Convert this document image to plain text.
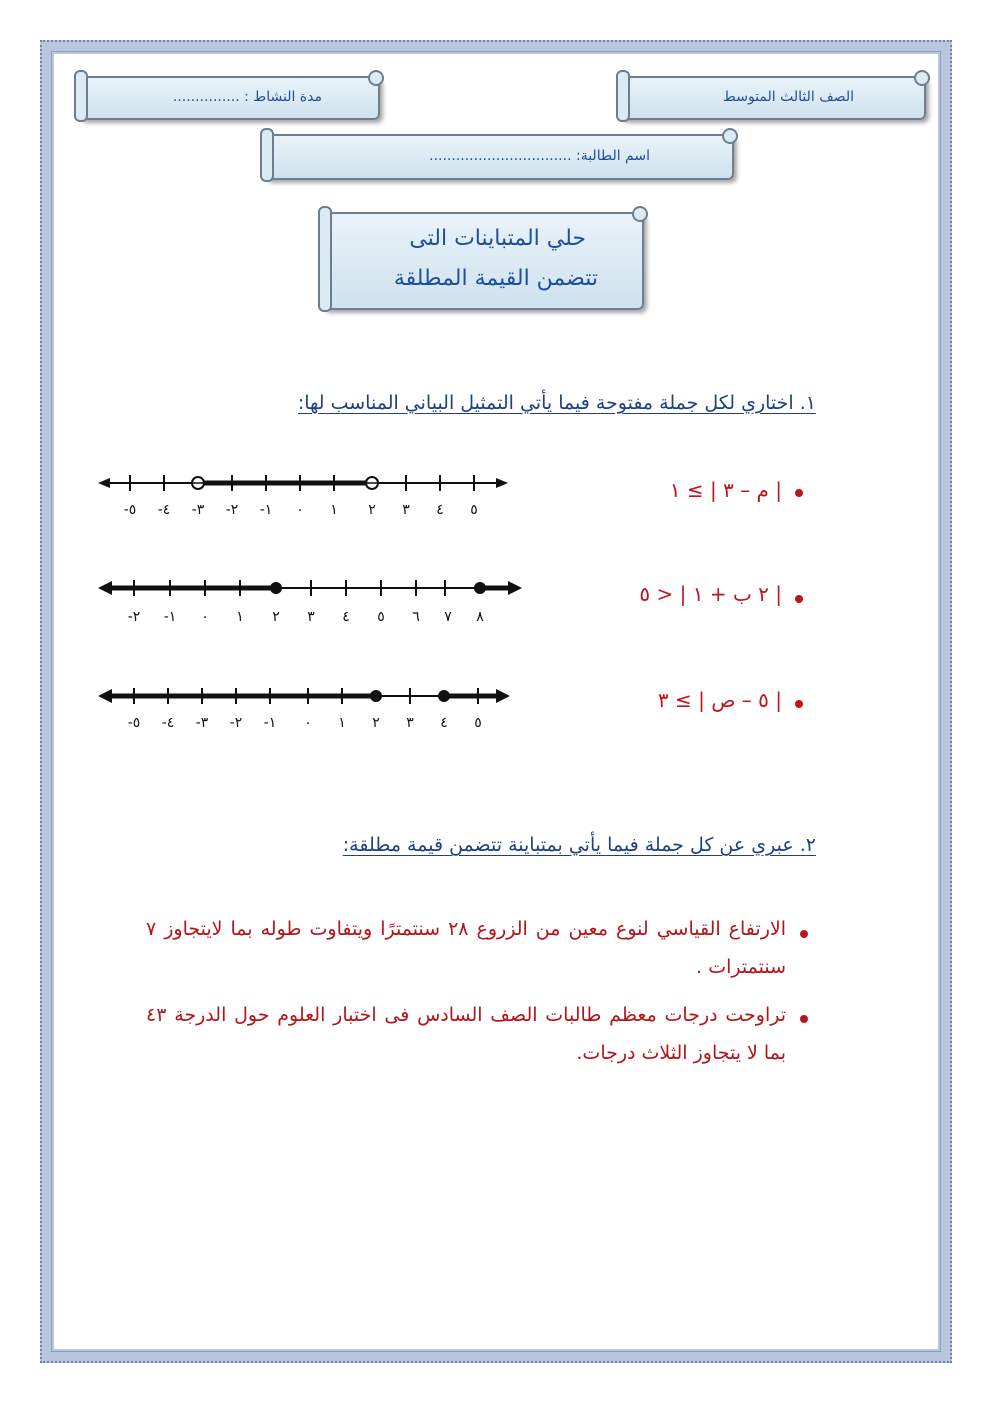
الصف الثالث المتوسط
مدة النشاط : ...............
اسم الطالبة: ................................
حلي المتباينات التى
تتضمن القيمة المطلقة
١. اختاري لكل جملة مفتوحة فيما يأتي التمثيل البياني المناسب لها:
| م – ٣ | ≥ ١
| ٢ ب + ١ | < ٥
| ٥ – ص | ≥ ٣
-٥ -٤ -٣ -٢ -١ ٠ ١ ٢ ٣ ٤ ٥
-٢ -١ ٠ ١ ٢ ٣ ٤ ٥ ٦ ٧ ٨
-٥ -٤ -٣ -٢ -١ ٠ ١ ٢ ٣ ٤ ٥
٢. عبري عن كل جملة فيما يأتي بمتباينة تتضمن قيمة مطلقة:
الارتفاع القياسي لنوع معين من الزروع ٢٨ سنتمترًا ويتفاوت طوله بما لايتجاوز ٧ سنتمترات .
تراوحت درجات معظم طالبات الصف السادس فى اختبار العلوم حول الدرجة ٤٣ بما لا يتجاوز الثلاث درجات.
